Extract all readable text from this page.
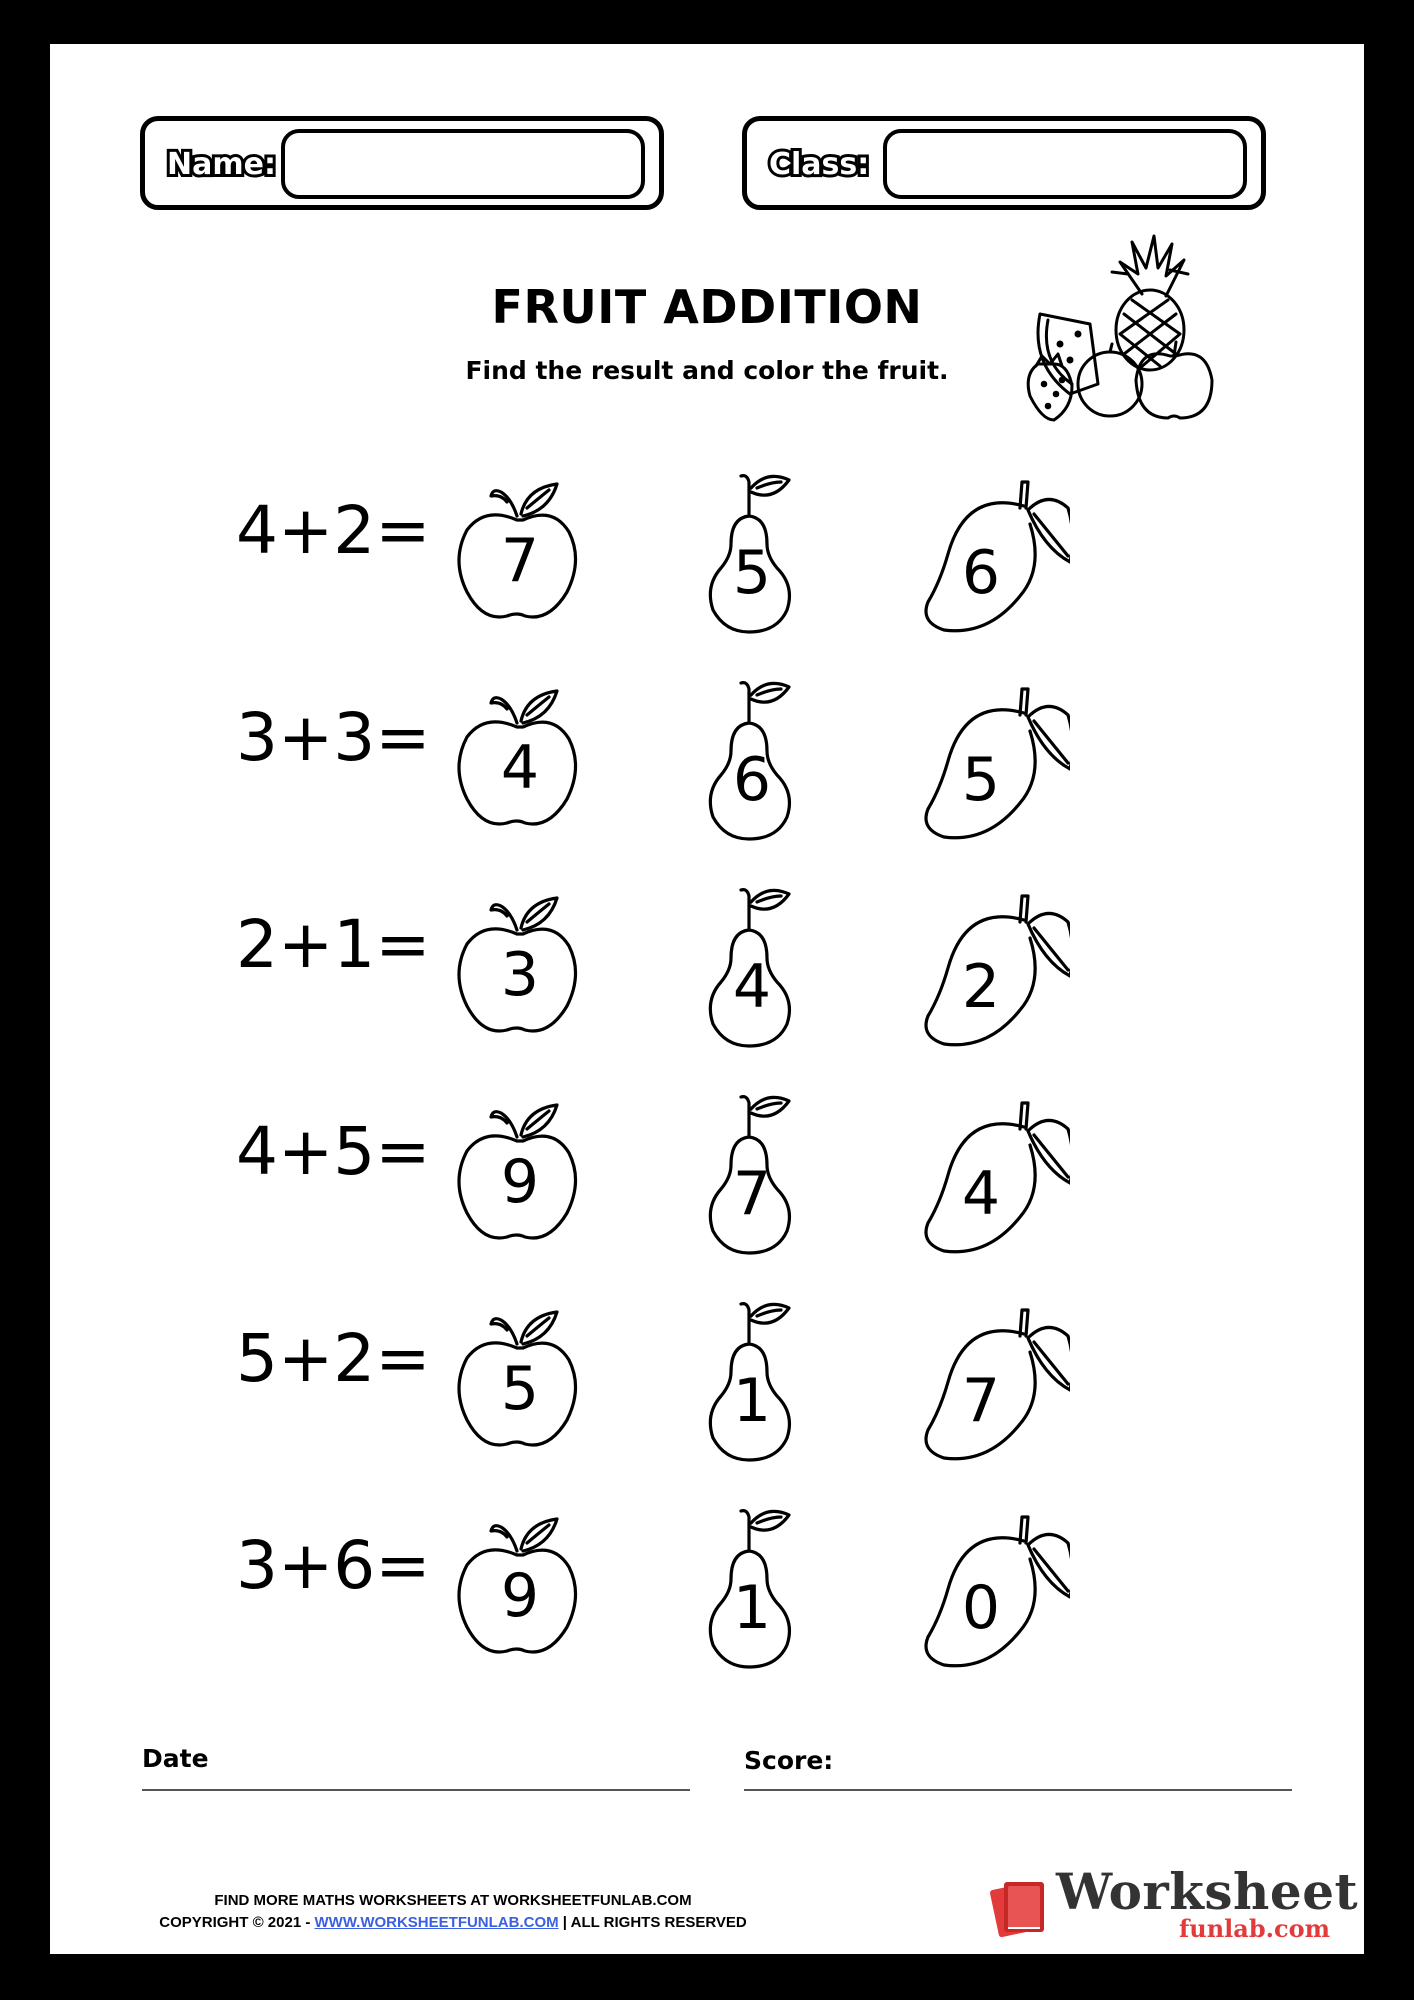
Name:	Class:
FRUIT ADDITION
Find the result and color the fruit.
4+2=	7	5	6
3+3=	4	6	5
2+1=	3	4	2
4+5=	9	7	4
5+2=	5	1	7
3+6=	9	1	0
Date	Score:
FIND MORE MATHS WORKSHEETS AT WORKSHEETFUNLAB.COM
COPYRIGHT © 2021 - WWW.WORKSHEETFUNLAB.COM | ALL RIGHTS RESERVED
Worksheet
funlab.com
